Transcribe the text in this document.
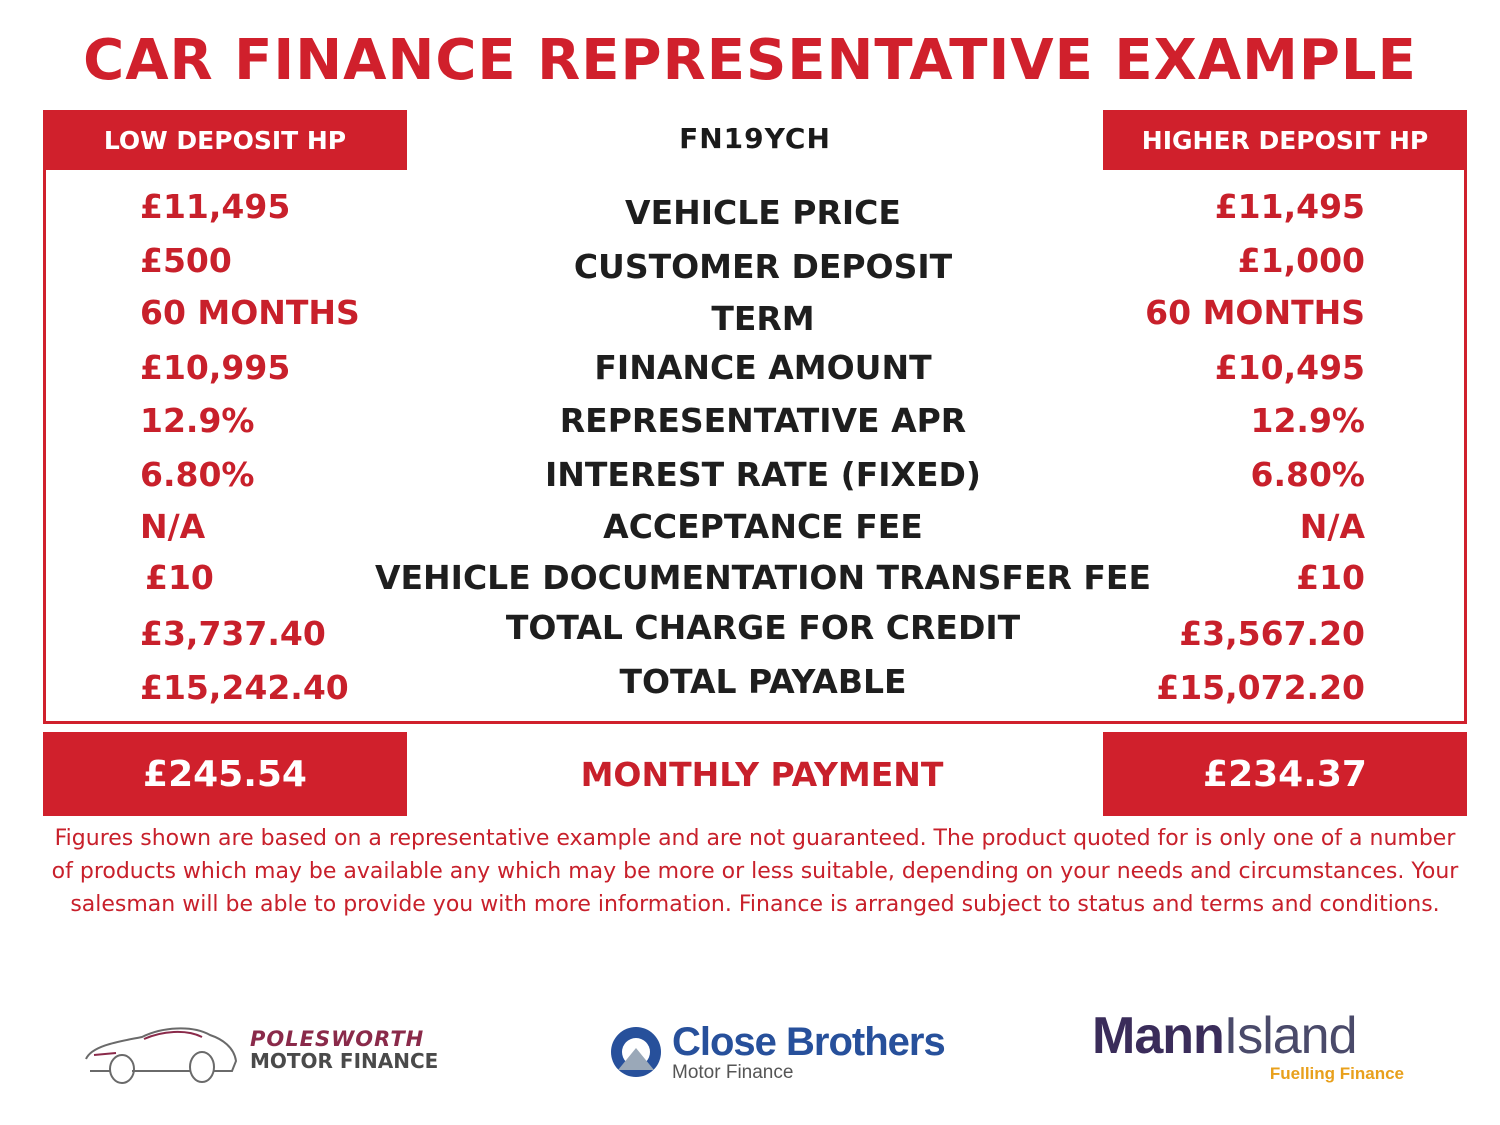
CAR FINANCE REPRESENTATIVE EXAMPLE
LOW DEPOSIT HP	FN19YCH	HIGHER DEPOSIT HP
£11,495	VEHICLE PRICE	£11,495
£500	CUSTOMER DEPOSIT	£1,000
60 MONTHS	TERM	60 MONTHS
£10,995	FINANCE AMOUNT	£10,495
12.9%	REPRESENTATIVE APR	12.9%
6.80%	INTEREST RATE (FIXED)	6.80%
N/A	ACCEPTANCE FEE	N/A
£10	VEHICLE DOCUMENTATION TRANSFER FEE	£10
£3,737.40	TOTAL CHARGE FOR CREDIT	£3,567.20
£15,242.40	TOTAL PAYABLE	£15,072.20
£245.54	MONTHLY PAYMENT	£234.37
Figures shown are based on a representative example and are not guaranteed. The product quoted for is only one of a number of products which may be available any which may be more or less suitable, depending on your needs and circumstances. Your salesman will be able to provide you with more information. Finance is arranged subject to status and terms and conditions.
POLESWORTH
MOTOR FINANCE	Close Brothers
Motor Finance
MannIsland
Fuelling Finance
